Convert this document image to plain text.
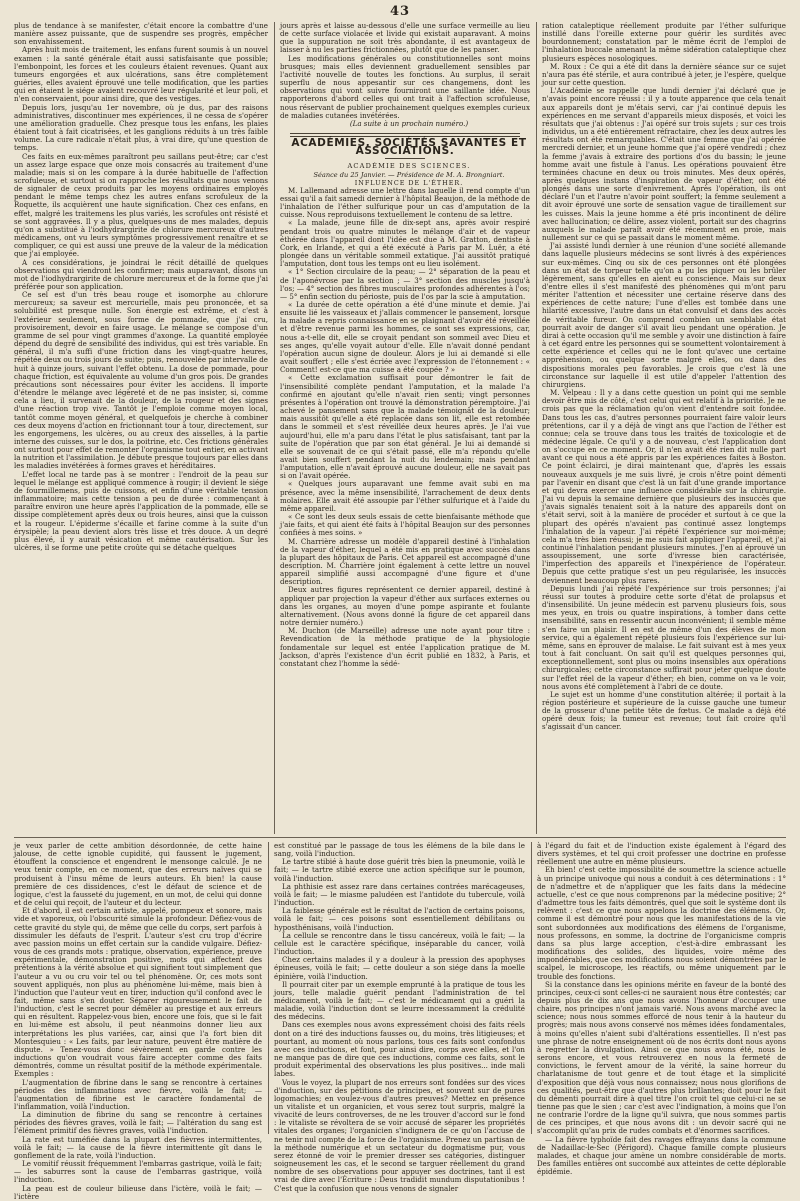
43

plus de tendance à se manifester, c'était encore la combattre d'une manière assez puissante, que de suspendre ses progrès, empêcher son envahissement.

Après huit mois de traitement, les enfans furent soumis à un nouvel examen : la santé générale était aussi satisfaisante que possible; l'embonpoint, les forces et les couleurs étaient revenues. Quant aux tumeurs engorgées et aux ulcérations, sans être complètement guéries, elles avaient éprouvé une telle modification, que les parties qui en étaient le siége avaient recouvré leur régularité et leur poli, et n'en conservaient, pour ainsi dire, que des vestiges.

Depuis lors, jusqu'au 1er novembre, où je dus, par des raisons administratives, discontinuer mes expériences, il ne cessa de s'opérer une amélioration graduelle. Chez presque tous les enfans, les plaies étaient tout à fait cicatrisées, et les ganglions réduits à un très faible volume. La cure radicale n'était plus, à vrai dire, qu'une question de temps.

Ces faits en eux-mêmes paraîtront peu saillans peut-être; car c'est un assez large espace que onze mois consacrés au traitement d'une maladie; mais si on les compare à la durée habituelle de l'affection scrofuleuse, et surtout si on rapproche les résultats que nous venons de signaler de ceux produits par les moyens ordinaires employés pendant le même temps chez les autres enfans scrofuleux de la Roquette, ils acquièrent une haute signification. Chez ces enfans, en effet, malgré les traitemens les plus variés, les scrofules ont résisté et se sont aggravées. Il y a plus, quelques-uns de mes malades, depuis qu'on a substitué à l'iodhydrargirite de chlorure mercureux d'autres médicamens, ont vu leurs symptômes progressivement renaître et se compliquer, ce qui est aussi une preuve de la valeur de la médication que j'ai employée.

A ces considérations, je joindrai le récit détaillé de quelques observations qui viendront les confirmer; mais auparavant, disons un mot de l'iodhydrargirite de chlorure mercureux et de la forme que j'ai préférée pour son application.

Ce sel est d'un très beau rouge et isomorphe au chlorure mercureux; sa saveur est mercurielle, mais peu prononcée, et sa solubilité est presque nulle. Son énergie est extrême, et c'est à l'extérieur seulement, sous forme de pommade, que j'ai cru, provisoirement, devoir en faire usage. Le mélange se compose d'un gramme de sel pour vingt grammes d'axonge. La quantité employée dépend du degré de sensibilité des individus, qui est très variable. En général, il m'a suffi d'une friction dans les vingt-quatre heures, répétée deux ou trois jours de suite; puis, renouvelée par intervalle de huit à quinze jours, suivant l'effet obtenu. La dose de pommade, pour chaque friction, est équivalente au volume d'un gros pois. De grandes précautions sont nécessaires pour éviter les accidens. Il importe d'étendre le mélange avec légèreté et de ne pas insister, si, comme cela a lieu, il survenait de la douleur, de la rougeur et des signes d'une réaction trop vive. Tantôt je l'emploie comme moyen local, tantôt comme moyen général, et quelquefois je cherche à combiner ces deux moyens d'action en frictionnant tour à tour, directement, sur les engorgemens, les ulcères, ou au creux des aisselles, à la partie interne des cuisses, sur le dos, la poitrine, etc. Ces frictions générales ont surtout pour effet de remonter l'organisme tout entier, en activant la nutrition et l'assimilation. Je débute presque toujours par elles dans les maladies invétérées à formes graves et héréditaires.

L'effet local ne tarde pas à se montrer : l'endroit de la peau sur lequel le mélange est appliqué commence à rougir; il devient le siége de fourmillemens, puis de cuissons, et enfin d'une véritable tension inflammatoire; mais cette tension a peu de durée : commençant à paraître environ une heure après l'application de la pommade, elle se dissipe complètement après deux ou trois heures, ainsi que la cuisson et la rougeur. L'épiderme s'écaille et farine comme à la suite d'un érysipèle; la peau devient alors très lisse et très douce. A un degré plus élevé, il y aurait vésication et même cautérisation. Sur les ulcères, il se forme une petite croûte qui se détache quelques

jours après et laisse au-dessous d'elle une surface vermeille au lieu de cette surface violacée et livide qui existait auparavant. A moins que la suppuration ne soit très abondante, il est avantageux de laisser à nu les parties frictionnées, plutôt que de les panser.

Les modifications générales ou constitutionnelles sont moins brusques; mais elles deviennent graduellement sensibles par l'activité nouvelle de toutes les fonctions. Au surplus, il serait superflu de nous appesantir sur ces changemens, dont les observations qui vont suivre fourniront une saillante idée. Nous rapporterons d'abord celles qui ont trait à l'affection scrofuleuse, nous réservant de publier prochainement quelques exemples curieux de maladies cutanées invétérées.

(La suite à un prochain numéro.)

ACADÉMIES, SOCIÉTÉS SAVANTES ET ASSOCIATIONS.

ACADÉMIE DES SCIENCES.

Séance du 25 Janvier. — Présidence de M. A. Brongniart.

INFLUENCE DE L'ÉTHER.

M. Lallemand adresse une lettre dans laquelle il rend compte d'un essai qu'il a fait samedi dernier à l'hôpital Beaujon, de la méthode de l'inhalation de l'éther sulfurique pour un cas d'amputation de la cuisse. Nous reproduisons textuellement le contenu de sa lettre.

« La malade, jeune fille de dix-sept ans, après avoir respiré pendant trois ou quatre minutes le mélange d'air et de vapeur éthérée dans l'appareil dont l'idée est due à M. Gratton, dentiste à Cork, en Irlande, et qui a été exécuté à Paris par M. Luër, a été plongée dans un véritable sommeil extatique. J'ai aussitôt pratiqué l'amputation, dont tous les temps ont eu lieu isolément.

« 1° Section circulaire de la peau; — 2° séparation de la peau et de l'aponévrose par la section ; — 3° section des muscles jusqu'à l'os; — 4° section des fibres musculaires profondes adhérentes à l'os; — 5° enfin section du périoste, puis de l'os par la scie à amputation.

« La durée de cette opération a été d'une minute et demie. J'ai ensuite lié les vaisseaux et j'allais commencer le pansement, lorsque la malade a repris connaissance en se plaignant d'avoir été réveillée et d'être revenue parmi les hommes, ce sont ses expressions, car, nous a-t-elle dit, elle se croyait pendant son sommeil avec Dieu et ses anges, qu'elle voyait autour d'elle. Elle n'avait donné pendant l'opération aucun signe de douleur. Alors je lui ai demandé si elle avait souffert ; elle s'est écriée avec l'expression de l'étonnement : « Comment! est-ce que ma cuisse a été coupée ? »

« Cette exclamation suffisait pour démontrer le fait de l'insensibilité complète pendant l'amputation, et la malade l'a confirmé en ajoutant qu'elle n'avait rien senti; vingt personnes présentes à l'opération ont trouvé la démonstration péremptoire. J'ai achevé le pansement sans que la malade témoignât de la douleur; mais aussitôt qu'elle a été replacée dans son lit, elle est retombée dans le sommeil et s'est réveillée deux heures après. Je l'ai vue aujourd'hui, elle m'a paru dans l'état le plus satisfaisant, tant par la suite de l'opération que par son état général. Je lui ai demandé si elle se souvenait de ce qui s'était passé, elle m'a répondu qu'elle avait bien souffert pendant la nuit du lendemain; mais pendant l'amputation, elle n'avait éprouvé aucune douleur, elle ne savait pas si on l'avait opérée.

« Quelques jours auparavant une femme avait subi en ma présence, avec la même insensibilité, l'arrachement de deux dents molaires. Elle avait été assoupie par l'éther sulfurique et à l'aide du même appareil.

« Ce sont les deux seuls essais de cette bienfaisante méthode que j'aie faits, et qui aient été faits à l'hôpital Beaujon sur des personnes confiées à mes soins. »

M. Charrière adresse un modèle d'appareil destiné à l'inhalation de la vapeur d'éther, lequel a été mis en pratique avec succès dans la plupart des hôpitaux de Paris. Cet appareil est accompagné d'une description. M. Charrière joint également à cette lettre un nouvel appareil simplifié aussi accompagné d'une figure et d'une description.

Deux autres figures représentent ce dernier appareil, destiné à appliquer par projection la vapeur d'éther aux surfaces externes ou dans les organes, au moyen d'une pompe aspirante et foulante alternativement. (Nous avons donné la figure de cet appareil dans notre dernier numéro.)

M. Duchon (de Marseille) adresse une note ayant pour titre : Revendication de la méthode pratique de la physiologie fondamentale sur lequel est entée l'application pratique de M. Jackson, d'après l'existence d'un écrit publié en 1832, à Paris, et constatant chez l'homme la sédé-

ration cataleptique réellement produite par l'éther sulfurique instillé dans l'oreille externe pour guérir les surdités avec bourdonnement; constatation par le même écrit de l'emploi de l'inhalation buccale amenant la même sidération cataleptique chez plusieurs espèces nosologiques.

M. Roux : Ce qui a été dit dans la dernière séance sur ce sujet n'aura pas été stérile, et aura contribué à jeter, je l'espère, quelque jour sur cette question.

L'Académie se rappelle que lundi dernier j'ai déclaré que je n'avais point encore réussi : il y a toute apparence que cela tenait aux appareils dont je m'étais servi, car j'ai continué depuis les expériences en me servant d'appareils mieux disposés, et voici les résultats que j'ai obtenus : J'ai opéré sur trois sujets ; sur ces trois individus, un a été entièrement réfractaire, chez les deux autres les résultats ont été remarquables. C'était une femme que j'ai opérée mercredi dernier, et un jeune homme que j'ai opéré vendredi ; chez la femme j'avais à extraire des portions d'os du bassin; le jeune homme avait une fistule à l'anus. Les opérations pouvaient être terminées chacune en deux ou trois minutes. Mes deux opérés, après quelques instans d'inspiration de vapeur d'éther, ont été plongés dans une sorte d'enivrement. Après l'opération, ils ont déclaré l'un et l'autre n'avoir point souffert; la femme seulement a dit avoir éprouvé une sorte de sensation vague de tiraillement sur les cuisses. Mais la jeune homme a été pris incontinent de délire avec hallucination; ce délire, assez violent, portait sur des chagrins auxquels le malade paraît avoir été récemment en proie, mais nullement sur ce qui se passait dans le moment même.

J'ai assisté lundi dernier à une réunion d'une société allemande dans laquelle plusieurs médecins se sont livrés à des expériences sur eux-mêmes. Cinq ou six de ces personnes ont été plongées dans un état de torpeur telle qu'on a pu les piquer ou les brûler légèrement, sans qu'elles en aient eu conscience. Mais sur deux d'entre elles il s'est manifesté des phénomènes qui m'ont paru mériter l'attention et nécessiter une certaine réserve dans des expériences de cette nature; l'une d'elles est tombée dans une hilarité excessive, l'autre dans un état convulsif et dans des accès de véritable fureur. On comprend combien un semblable état pourrait avoir de danger s'il avait lieu pendant une opération. Je dirai à cette occasion qu'il me semble y avoir une distinction à faire à cet égard entre les personnes qui se soumettent volontairement à cette expérience et celles qui ne le font qu'avec une certaine appréhension, ou quelque sorte malgré elles, ou dans des dispositions morales peu favorables. Je crois que c'est là une circonstance sur laquelle il est utile d'appeler l'attention des chirurgiens.

M. Velpeau : Il y a dans cette question un point qui me semble devoir être mis de côté, c'est celui qui est relatif à la priorité. Je ne crois pas que la réclamation qu'on vient d'entendre soit fondée. Dans tous les cas, d'autres personnes pourraient faire valoir leurs prétentions, car il y a déjà de vingt ans que l'action de l'éther est connue; cela se trouve dans tous les traités de toxicologie et de médecine légale. Ce qu'il y a de nouveau, c'est l'application dont on s'occupe en ce moment. Or, il n'en avait été rien dit nulle part avant ce qui nous a été appris par les expériences faites à Boston. Ce point éclairci, je dirai maintenant que, d'après les essais nouveaux auxquels je me suis livré, je crois n'être point démenti par l'avenir en disant que c'est là un fait d'une grande importance et qui devra exercer une influence considérable sur la chirurgie. J'ai vu depuis la semaine dernière que plusieurs des insuccès que j'avais signalés tenaient soit à la nature des appareils dont on s'était servi, soit à la manière de procéder et surtout à ce que la plupart des opérés n'avaient pas continué assez longtemps l'inhalation de la vapeur. J'ai répété l'expérience sur moi-même; cela m'a très bien réussi; je me suis fait appliquer l'appareil, et j'ai continué l'inhalation pendant plusieurs minutes. J'en ai éprouvé un assoupissement, une sorte d'ivresse bien caractérisée, l'imperfection des appareils et l'inexpérience de l'opérateur. Depuis que cette pratique s'est un peu régularisée, les insuccès deviennent beaucoup plus rares.

Depuis lundi j'ai répété l'expérience sur trois personnes; j'ai réussi sur toutes à produire cette sorte d'état de prolapsus et d'insensibilité. Un jeune médecin est parvenu plusieurs fois, sous mes yeux, en trois ou quatre inspirations, à tomber dans cette insensibilité, sans en ressentir aucun inconvénient; il semble même s'en faire un plaisir. Il en est de même d'un des élèves de mon service, qui a également répété plusieurs fois l'expérience sur lui-même, sans en éprouver de malaise. Le fait suivant est à mes yeux tout à fait concluant. On sait qu'il est quelques personnes qui, exceptionnellement, sont plus ou moins insensibles aux opérations chirurgicales; cette circonstance suffirait pour jeter quelque doute sur l'effet réel de la vapeur d'éther; eh bien, comme on va le voir, nous avons été complètement à l'abri de ce doute.

Le sujet est un homme d'une constitution altérée; il portait à la région postérieure et supérieure de la cuisse gauche une tumeur de la grosseur d'une petite tête de fœtus. Ce malade a déjà été opéré deux fois; la tumeur est revenue; tout fait croire qu'il s'agissait d'un cancer.

je veux parler de cette ambition désordonnée, de cette haine jalouse, de cette ignoble cupidité, qui faussent le jugement, étouffent la conscience et engendrent le mensonge calculé. Je ne veux tenir compte, en ce moment, que des erreurs naïves qui se produisent à l'insu même de leurs auteurs. Eh bien! la cause première de ces dissidences, c'est le défaut de science et de logique, c'est la fausseté du jugement, en un mot, de celui qui donne et de celui qui reçoit, de l'auteur et du lecteur.

Et d'abord, il est certain artiste, appelé, pompeux et sonore, mais vide et vaporeux, où l'obscurité simule la profondeur. Défiez-vous de cette gravité du style qui, de même que celle du corps, sert parfois à dissimuler les défauts de l'esprit. L'auteur s'est cru trop d'écrire avec passion moins un effet certain sur la candide vulgaire. Défiez-vous de ces grands mots : pratique, observation, expérience, preuve expérimentale, démonstration positive, mots qui affectent des prétentions à la vérité absolue et qui signifient tout simplement que l'auteur a vu ou cru voir tel ou tel phénomène. Or, ces mots sont souvent appliqués, non plus au phénomène lui-même, mais bien à l'induction que l'auteur veut en tirer, induction qu'il confond avec le fait, même sans s'en douter. Séparer rigoureusement le fait de l'induction, c'est le secret pour démêler au prestige et aux erreurs qui en résultent. Rappelez-vous bien, encore une fois, que si le fait en lui-même est absolu, il peut néanmoins donner lieu aux interprétations les plus variées, car, ainsi que l'a fort bien dit Montesquieu : « Les faits, par leur nature, peuvent être matière de dispute. » Tenez-vous donc sévèrement en garde contre les inductions qu'on voudrait vous faire accepter comme des faits démontrés, comme un résultat positif de la méthode expérimentale. Exemples :

L'augmentation de fibrine dans le sang se rencontre à certaines périodes des inflammations avec fièvre, voilà le fait; — l'augmentation de fibrine est le caractère fondamental de l'inflammation, voilà l'induction.

La diminution de fibrine du sang se rencontre à certaines périodes des fièvres graves, voilà le fait; — l'altération du sang est l'élément primitif des fièvres graves, voilà l'induction.

La rate est tuméfiée dans la plupart des fièvres intermittentes, voilà le fait; — la cause de la fièvre intermittente gît dans le gonflement de la rate, voilà l'induction.

Le vomitif réussit fréquemment l'embarras gastrique, voilà le fait; — les saburres sont la cause de l'embarras gastrique, voilà l'induction.

La peau est de couleur bilieuse dans l'ictère, voilà le fait; — l'ictère

est constitué par le passage de tous les élémens de la bile dans le sang, voilà l'induction.

Le tartre stibié à haute dose guérit très bien la pneumonie, voilà le fait; — le tartre stibié exerce une action spécifique sur le poumon, voilà l'induction.

La phthisie est assez rare dans certaines contrées marécageuses, voilà le fait; — le miasme paludéen est l'antidote du tubercule, voilà l'induction.

La faiblesse générale est le résultat de l'action de certains poisons, voilà le fait; — ces poisons sont essentiellement débilitans ou hyposthénisans, voilà l'induction.

La cellule se rencontre dans le tissu cancéreux, voilà le fait; — la cellule est le caractère spécifique, inséparable du cancer, voilà l'induction.

Chez certains malades il y a douleur à la pression des apophyses épineuses, voilà le fait; — cette douleur a son siége dans la moelle épinière, voilà l'induction.

Il pourrait citer par un exemple emprunté à la pratique de tous les jours, telle maladie guérit pendant l'administration de tel médicament, voilà le fait; — c'est le médicament qui a guéri la maladie, voilà l'induction dont se leurre incessamment la crédulité des médecins.

Dans ces exemples nous avons expressément choisi des faits réels dont on a tiré des inductions fausses ou, du moins, très litigieuses; et pourtant, au moment où nous parlons, tous ces faits sont confondus avec ces inductions, et font, pour ainsi dire, corps avec elles, et l'on ne manque pas de dire que ces inductions, comme ces faits, sont le produit expérimental des observations les plus positives... inde mali labes.

Vous le voyez, la plupart de nos erreurs sont fondées sur des vices d'induction, sur des pétitions de principes, et souvent sur de pures logomachies; en voulez-vous d'autres preuves? Mettez en présence un vitaliste et un organicien, et vous serez tout surpris, malgré la vivacité de leurs controverses, de ne les trouver d'accord sur le fond : le vitaliste se révoltera de se voir accusé de séparer les propriétés vitales des organes; l'organicien s'indignera de ce qu'on l'accuse de ne tenir nul compte de la force de l'organisme. Prenez un partisan de la méthode numérique et un sectateur du dogmatisme pur, vous serez étonné de voir le premier dresser ses catégories, distinguer soigneusement les cas, et le second se targuer réellement du grand nombre de ses observations pour appuyer ses doctrines, tant il est vrai de dire avec l'Écriture : Deus tradidit mundum disputationibus ! C'est que la confusion que nous venons de signaler

à l'égard du fait et de l'induction existe également à l'égard des divers systèmes, et tel qui croit professer une doctrine en professe réellement une autre en même plusieurs.

Eh bien! c'est cette impossibilité de soumettre la science actuelle à un principe univoque qui nous a conduit à ces déterminations : 1° de n'admettre et de n'appliquer que les faits dans la médecine actuelle, c'est ce que nous comprenons par la médecine positive; 2° d'admettre tous les faits démontrés, quel que soit le système dont ils relèvent : c'est ce que nous appelons la doctrine des élémens. Or, comme il est démontré pour nous que les manifestations de la vie sont subordonnées aux modifications des élémens de l'organisme, nous professons, en somme, la doctrine de l'organicisme compris dans sa plus large acception, c'est-à-dire embrassant les modifications des solides, des liquides, voire même des impondérables, que ces modifications nous soient démontrées par le scalpel, le microscope, les réactifs, ou même uniquement par le trouble des fonctions.

Si la constance dans les opinions mérite en faveur de la bonté des principes, ceux-ci sont celles-ci ne sauraient nous être contestés; car depuis plus de dix ans que nous avons l'honneur d'occuper une chaire, nos principes n'ont jamais varié. Nous avons marché avec la science; nous nous sommes efforcé de nous tenir à la hauteur du progrès; mais nous avons conservé nos mêmes idées fondamentales, à moins qu'elles n'aient subi d'altérations essentielles. Il n'est pas une phrase de notre enseignement où de nos écrits dont nous ayons à regretter la divulgation. Ainsi ce que nous avons été, nous le serons encore, et vous retrouverez en nous la fermeté de convictions, le fervent amour de la vérité, la saine horreur du charlatanisme de tout genre et de tout étage et la simplicité d'exposition que déjà vous nous connaissez; nous nous glorifions de ces qualités, peut-être que d'autres plus brillantes; doit pour le fait du démenti pourrait dire à quel titre l'on croit tel que celui-ci ne se tienne pas que le sien ; car c'est avec l'indignation, à moins que l'on ne contrarie l'ordre de la ligne qu'il suivra, que nous sommes partis de ces principes, et que nous avons dit : un devoir sacré qui ne s'accomplit qu'au prix de rudes combats et d'énormes sacrifices.

— La fièvre typhoïde fait des ravages effrayans dans la commune de Nadaillac-le-Sec (Périgord). Chaque famille compte plusieurs malades, et chaque jour amène un nombre considérable de morts. Des familles entières ont succombé aux atteintes de cette déplorable épidémie.
